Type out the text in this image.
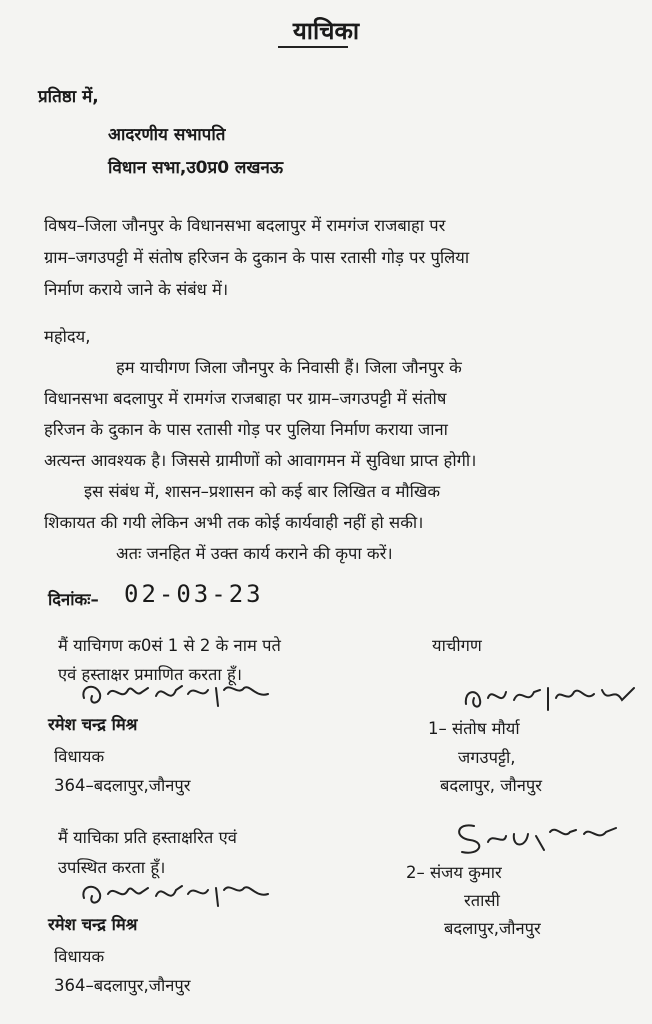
याचिका
प्रतिष्ठा में,
आदरणीय सभापति
विधान सभा,उ0प्र0 लखनऊ
विषय–जिला जौनपुर के विधानसभा बदलापुर में रामगंज राजबाहा पर
ग्राम–जगउपट्टी में संतोष हरिजन के दुकान के पास रतासी गोड़ पर पुलिया
निर्माण कराये जाने के संबंध में।
महोदय,
हम याचीगण जिला जौनपुर के निवासी हैं। जिला जौनपुर के
विधानसभा बदलापुर में रामगंज राजबाहा पर ग्राम–जगउपट्टी में संतोष
हरिजन के दुकान के पास रतासी गोड़ पर पुलिया निर्माण कराया जाना
अत्यन्त आवश्यक है। जिससे ग्रामीणों को आवागमन में सुविधा प्राप्त होगी।
इस संबंध में, शासन–प्रशासन को कई बार लिखित व मौखिक
शिकायत की गयी लेकिन अभी तक कोई कार्यवाही नहीं हो सकी।
अतः जनहित में उक्त कार्य कराने की कृपा करें।
दिनांकः– 02-03-23
मैं याचिगण क0सं 1 से 2 के नाम पते
एवं हस्ताक्षर प्रमाणित करता हूँ।
याचीगण
रमेश चन्द्र मिश्र
विधायक
364–बदलापुर,जौनपुर
1– संतोष मौर्या
जगउपट्टी,
बदलापुर, जौनपुर
मैं याचिका प्रति हस्ताक्षरित एवं
उपस्थित करता हूँ।	2– संजय कुमार
रतासी
रमेश चन्द्र मिश्र	बदलापुर,जौनपुर
विधायक
364–बदलापुर,जौनपुर
